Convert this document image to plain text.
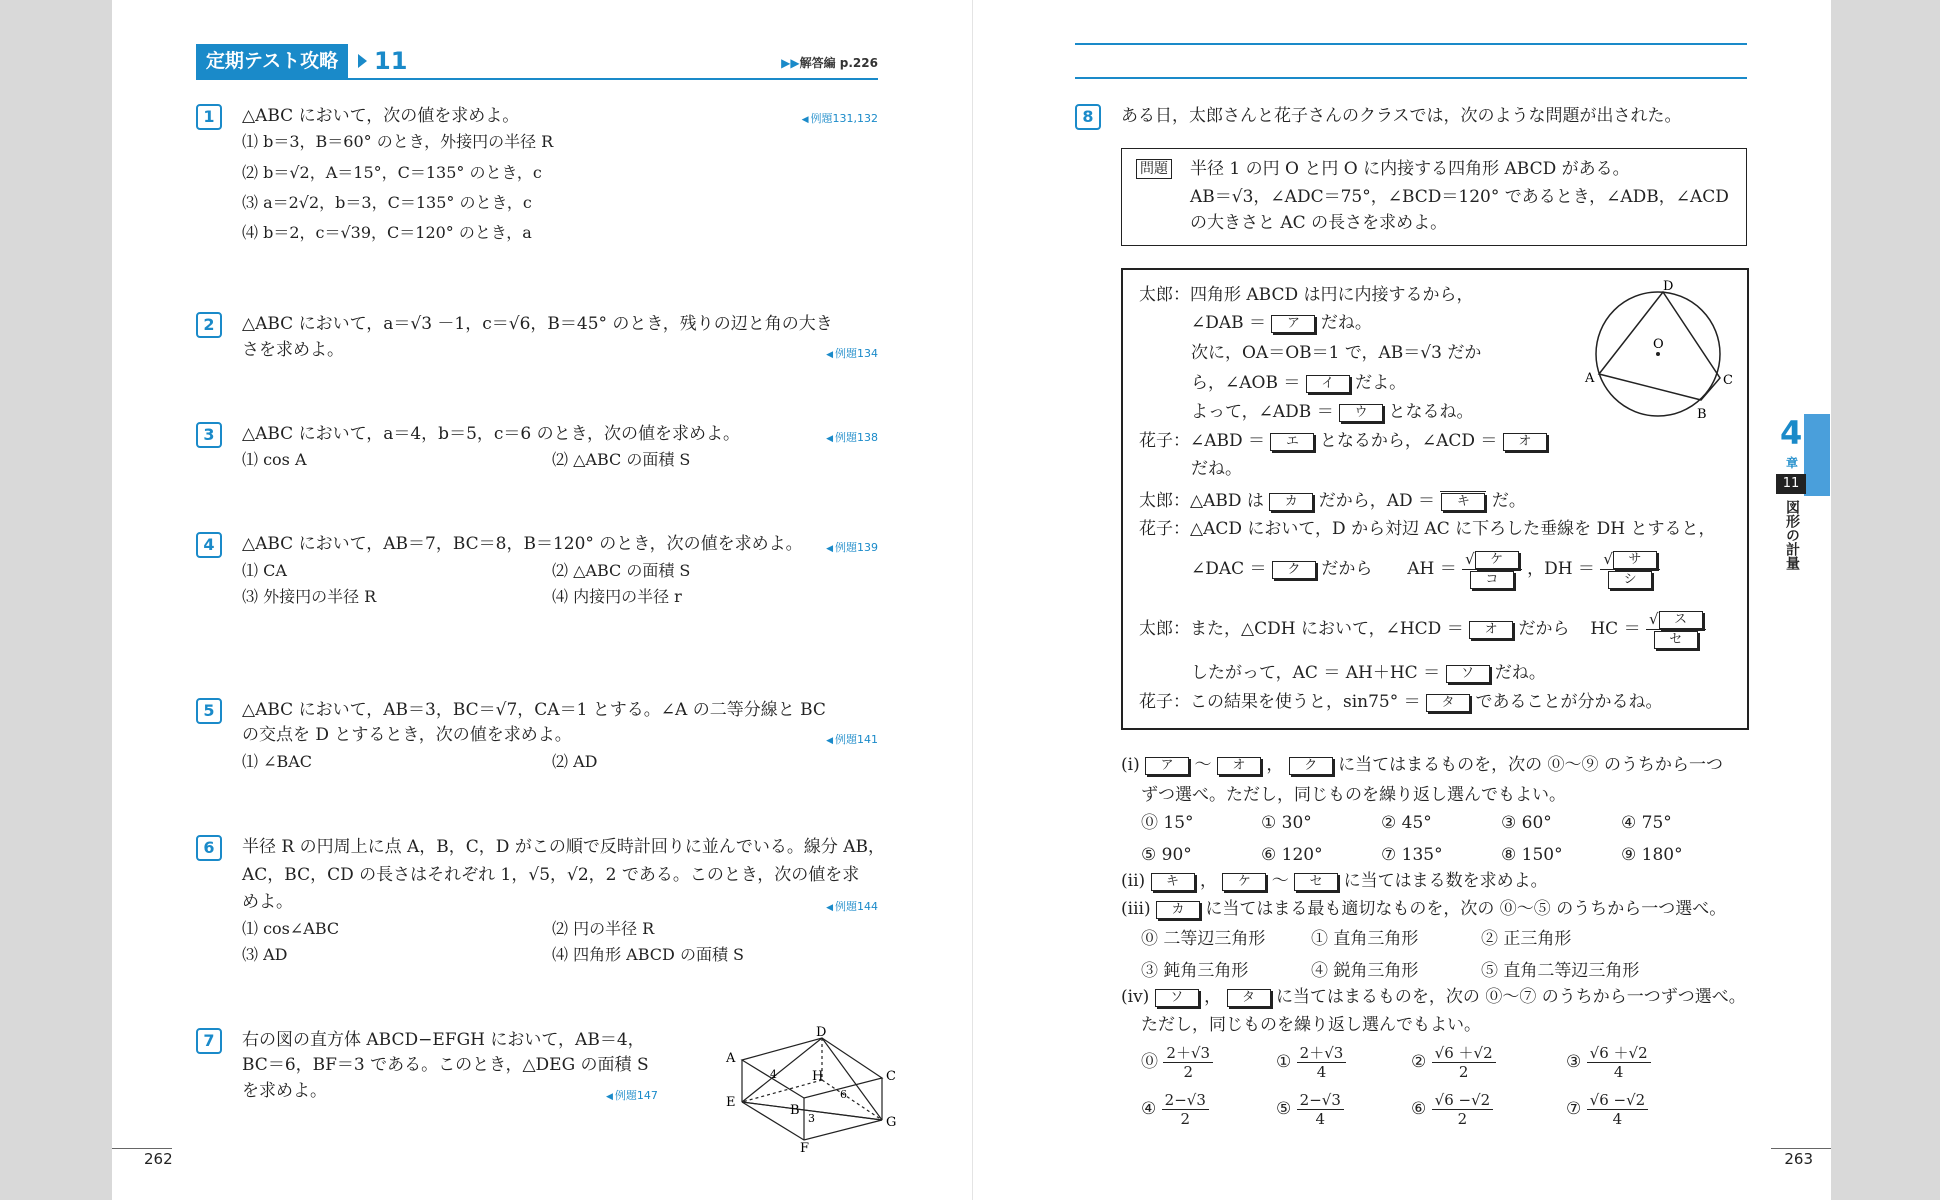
定期テスト攻略	11	▶▶解答編 p.226
1	△ABC において，次の値を求めよ。	◀ 例題131,132
⑴ b＝3，B＝60° のとき，外接円の半径 R
⑵ b＝√2，A＝15°，C＝135° のとき，c
⑶ a＝2√2，b＝3，C＝135° のとき，c
⑷ b＝2，c＝√39，C＝120° のとき，a
2	△ABC において，a＝√3 －1，c＝√6，B＝45° のとき，残りの辺と角の大き
さを求めよ。	◀ 例題134
3	△ABC において，a＝4，b＝5，c＝6 のとき，次の値を求めよ。	◀ 例題138
⑴ cos A	⑵ △ABC の面積 S
4	△ABC において，AB＝7，BC＝8，B＝120° のとき，次の値を求めよ。	◀ 例題139
⑴ CA	⑵ △ABC の面積 S
⑶ 外接円の半径 R	⑷ 内接円の半径 r
5	△ABC において，AB＝3，BC＝√7，CA＝1 とする。∠A の二等分線と BC
の交点を D とするとき，次の値を求めよ。	◀ 例題141
⑴ ∠BAC	⑵ AD
6	半径 R の円周上に点 A，B，C，D がこの順で反時計回りに並んでいる。線分 AB，
AC，BC，CD の長さはそれぞれ 1，√5，√2，2 である。このとき，次の値を求
めよ。	◀ 例題144
⑴ cos∠ABC	⑵ 円の半径 R
⑶ AD	⑷ 四角形 ABCD の面積 S
7	右の図の直方体 ABCD−EFGH において，AB＝4，
BC＝6，BF＝3 である。このとき，△DEG の面積 S
を求めよ。	◀ 例題147
A
D
C
B
H
E
G
F
4
6
3
262
8	ある日，太郎さんと花子さんのクラスでは，次のような問題が出された。
問題 半径 1 の円 O と円 O に内接する四角形 ABCD がある。
AB＝√3，∠ADC＝75°，∠BCD＝120° であるとき，∠ADB，∠ACD
の大きさと AC の長さを求めよ。
太郎：四角形 ABCD は円に内接するから，
∠DAB ＝ ア だね。
次に，OA＝OB＝1 で，AB＝√3 だか
ら，∠AOB ＝ イ だよ。
よって，∠ADB ＝ ウ となるね。
花子：∠ABD ＝ エ となるから，∠ACD ＝ オ
だね。
太郎：△ABD は カ だから，AD ＝ キ だ。
花子：△ACD において，D から対辺 AC に下ろした垂線を DH とすると，
∠DAC ＝ ク だから AH ＝ $\frac{\text{√ ケ}}{\text{コ}}$ ，DH ＝ $\frac{\text{√ サ}}{\text{シ}}$
太郎：また，△CDH において，∠HCD ＝ オ だから HC ＝ $\frac{\text{√ ス}}{\text{セ}}$
したがって，AC ＝ AH＋HC ＝ ソ だね。
花子：この結果を使うと，sin75° ＝ タ であることが分かるね。
D
O
A	C
B
(i) ア 〜 オ ， ク に当てはまるものを，次の ⓪〜⑨ のうちから一つ
ずつ選べ。ただし，同じものを繰り返し選んでもよい。
⓪ 15°	① 30°	② 45°	③ 60°	④ 75°
⑤ 90°	⑥ 120°	⑦ 135°	⑧ 150°	⑨ 180°
(ii) キ ， ケ 〜 セ に当てはまる数を求めよ。
(iii) カ に当てはまる最も適切なものを，次の ⓪〜⑤ のうちから一つ選べ。
⓪ 二等辺三角形	① 直角三角形	② 正三角形
③ 鈍角三角形	④ 鋭角三角形	⑤ 直角二等辺三角形
(iv) ソ ， タ に当てはまるものを，次の ⓪〜⑦ のうちから一つずつ選べ。
ただし，同じものを繰り返し選んでもよい。
⓪ $\frac{2+√3}{2}$	① $\frac{2+√3}{4}$	② $\frac{√6 +√2}{2}$	③ $\frac{√6 +√2}{4}$
④ $\frac{2-√3}{2}$	⑤ $\frac{2-√3}{4}$	⑥ $\frac{√6 -√2}{2}$	⑦ $\frac{√6 -√2}{4}$
263
4
章
11
図形の計量
